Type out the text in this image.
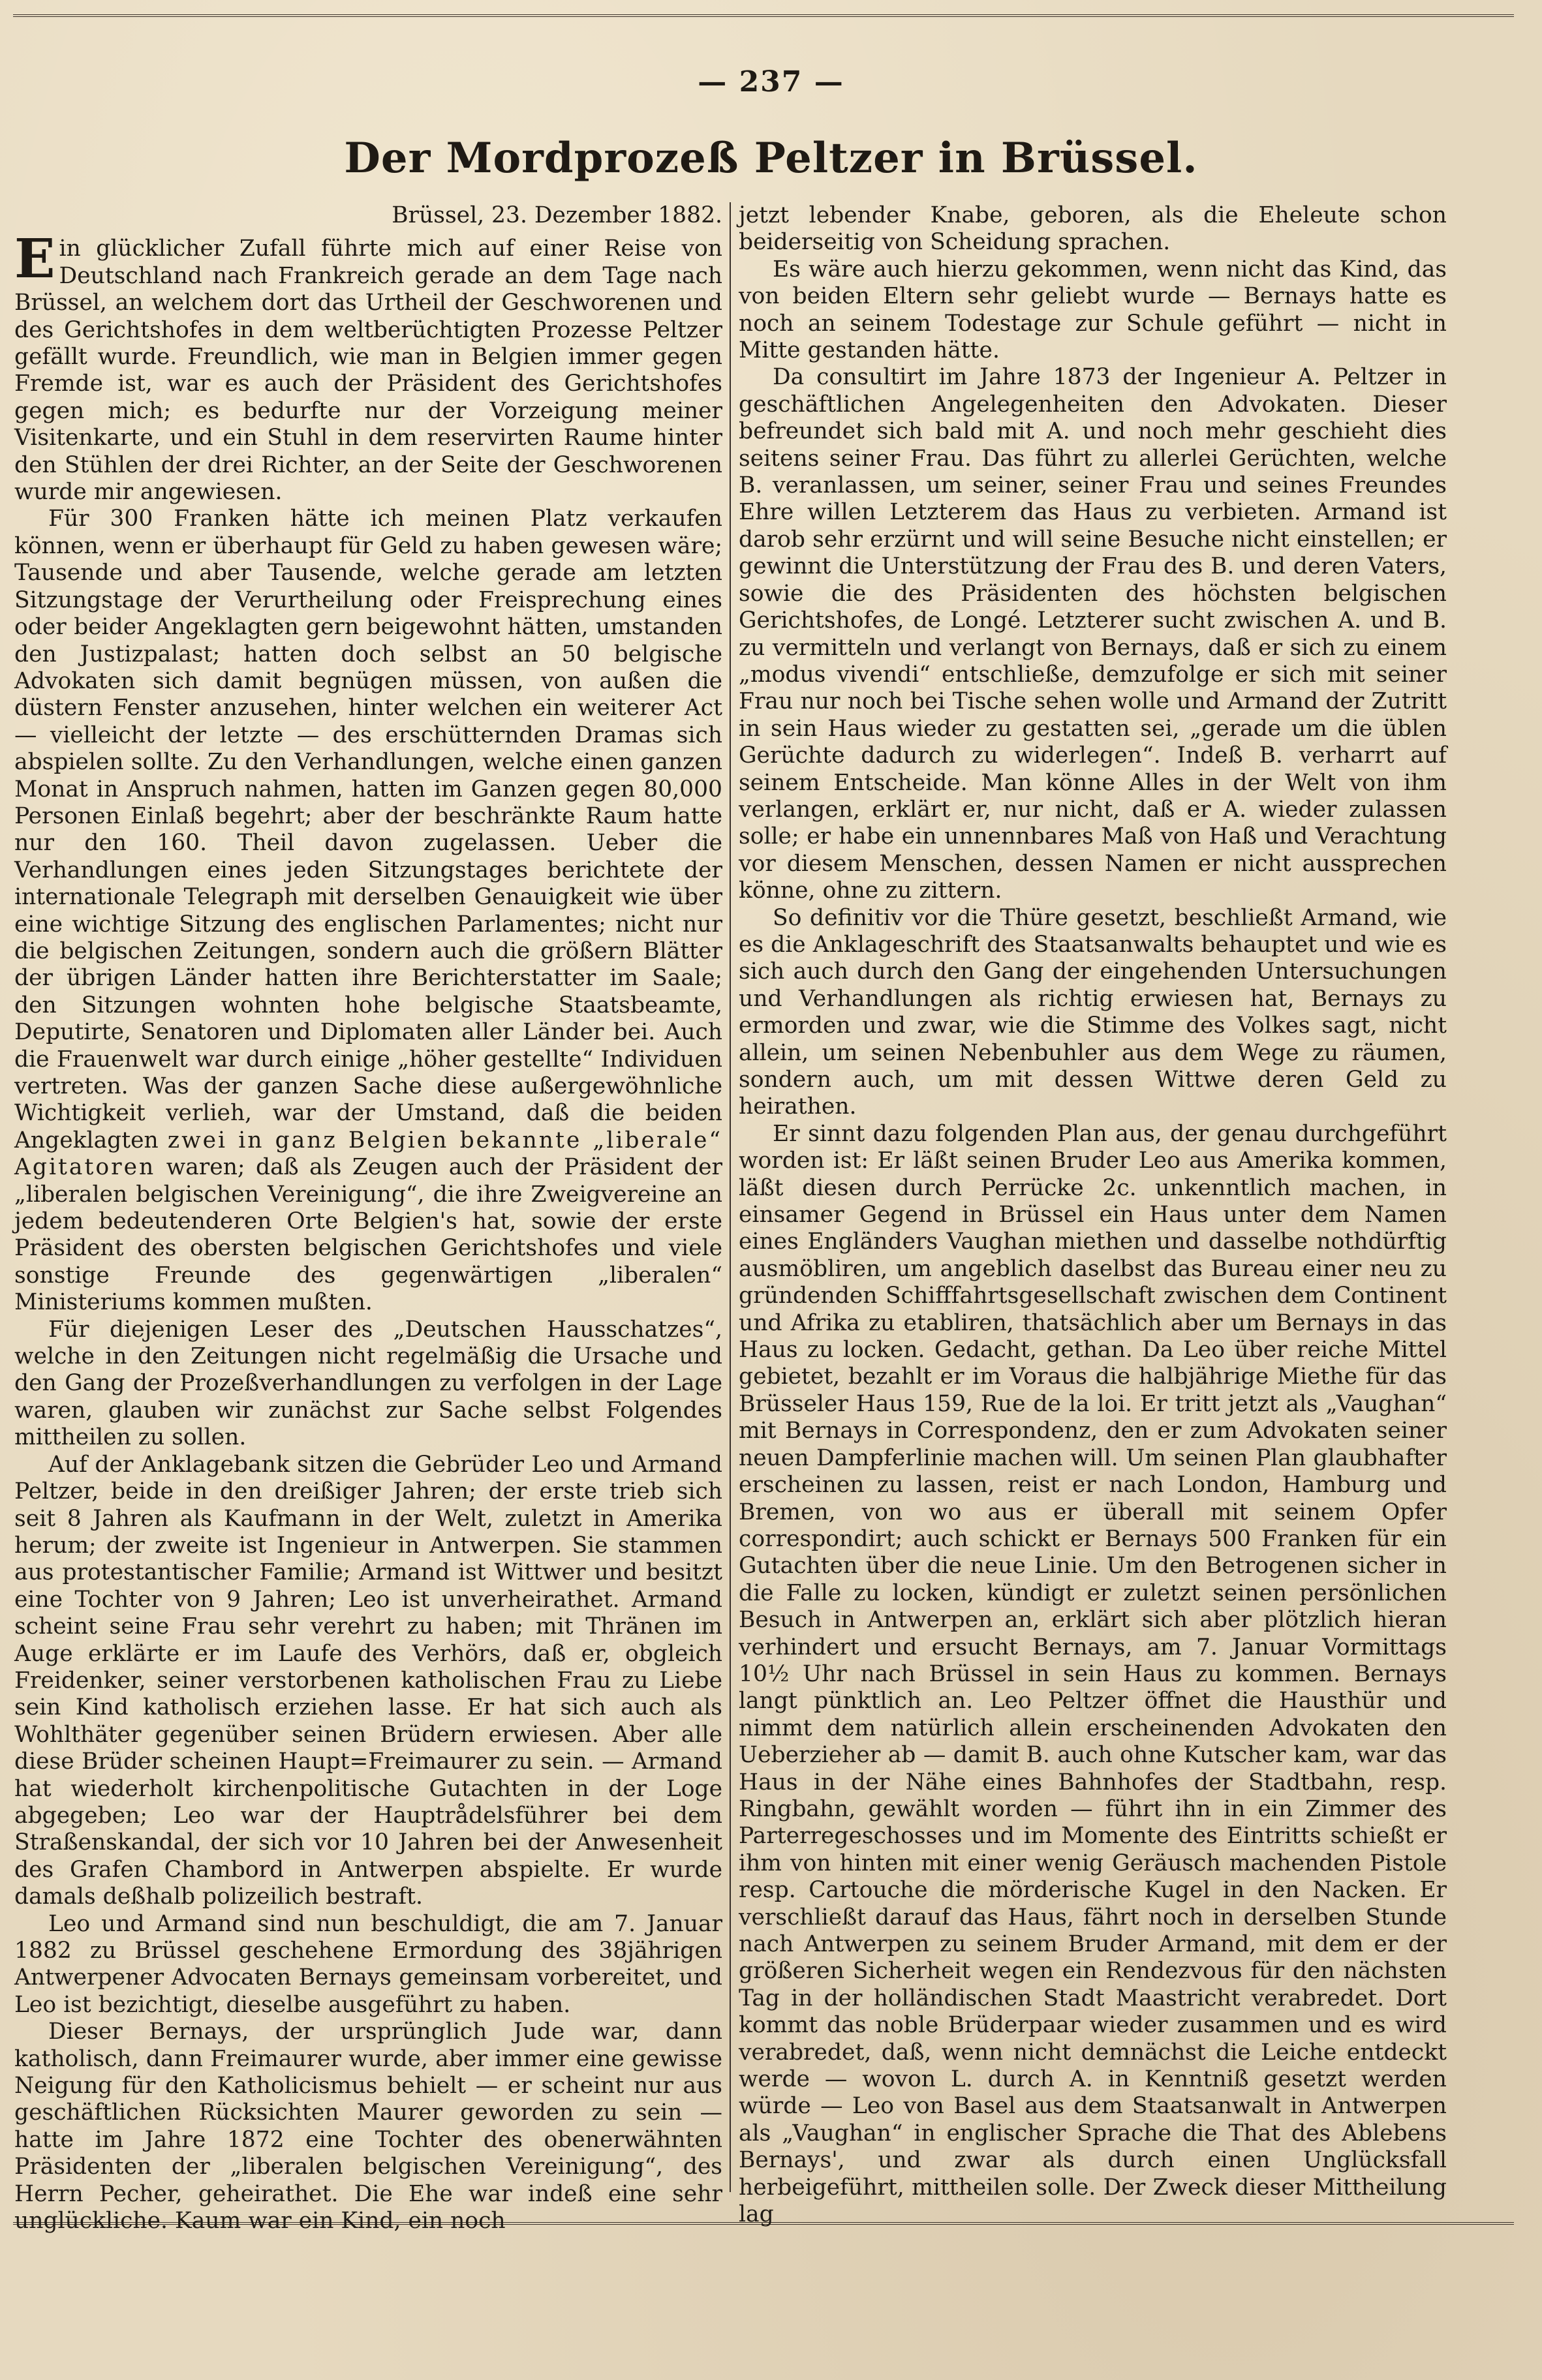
— 237 —
Der Mordprozeß Peltzer in Brüssel.
Brüssel, 23. Dezember 1882.

Ein glücklicher Zufall führte mich auf einer Reise von Deutschland nach Frankreich gerade an dem Tage nach Brüssel, an welchem dort das Urtheil der Geschworenen und des Gerichtshofes in dem weltberüchtigten Prozesse Peltzer gefällt wurde. Freundlich, wie man in Belgien immer gegen Fremde ist, war es auch der Präsident des Gerichtshofes gegen mich; es bedurfte nur der Vorzeigung meiner Visitenkarte, und ein Stuhl in dem reservirten Raume hinter den Stühlen der drei Richter, an der Seite der Geschworenen wurde mir angewiesen.

Für 300 Franken hätte ich meinen Platz verkaufen können, wenn er überhaupt für Geld zu haben gewesen wäre; Tausende und aber Tausende, welche gerade am letzten Sitzungstage der Verurtheilung oder Freisprechung eines oder beider Angeklagten gern beigewohnt hätten, umstanden den Justizpalast; hatten doch selbst an 50 belgische Advokaten sich damit begnügen müssen, von außen die düstern Fenster anzusehen, hinter welchen ein weiterer Act — vielleicht der letzte — des erschütternden Dramas sich abspielen sollte. Zu den Verhandlungen, welche einen ganzen Monat in Anspruch nahmen, hatten im Ganzen gegen 80,000 Personen Einlaß begehrt; aber der beschränkte Raum hatte nur den 160. Theil davon zugelassen. Ueber die Verhandlungen eines jeden Sitzungstages berichtete der internationale Telegraph mit derselben Genauigkeit wie über eine wichtige Sitzung des englischen Parlamentes; nicht nur die belgischen Zeitungen, sondern auch die größern Blätter der übrigen Länder hatten ihre Berichterstatter im Saale; den Sitzungen wohnten hohe belgische Staatsbeamte, Deputirte, Senatoren und Diplomaten aller Länder bei. Auch die Frauenwelt war durch einige „höher gestellte“ Individuen vertreten. Was der ganzen Sache diese außergewöhnliche Wichtigkeit verlieh, war der Umstand, daß die beiden Angeklagten zwei in ganz Belgien bekannte „liberale“ Agitatoren waren; daß als Zeugen auch der Präsident der „liberalen belgischen Vereinigung“, die ihre Zweigvereine an jedem bedeutenderen Orte Belgien's hat, sowie der erste Präsident des obersten belgischen Gerichtshofes und viele sonstige Freunde des gegenwärtigen „liberalen“ Ministeriums kommen mußten.

Für diejenigen Leser des „Deutschen Hausschatzes“, welche in den Zeitungen nicht regelmäßig die Ursache und den Gang der Prozeßverhandlungen zu verfolgen in der Lage waren, glauben wir zunächst zur Sache selbst Folgendes mittheilen zu sollen.

Auf der Anklagebank sitzen die Gebrüder Leo und Armand Peltzer, beide in den dreißiger Jahren; der erste trieb sich seit 8 Jahren als Kaufmann in der Welt, zuletzt in Amerika herum; der zweite ist Ingenieur in Antwerpen. Sie stammen aus protestantischer Familie; Armand ist Wittwer und besitzt eine Tochter von 9 Jahren; Leo ist unverheirathet. Armand scheint seine Frau sehr verehrt zu haben; mit Thränen im Auge erklärte er im Laufe des Verhörs, daß er, obgleich Freidenker, seiner verstorbenen katholischen Frau zu Liebe sein Kind katholisch erziehen lasse. Er hat sich auch als Wohlthäter gegenüber seinen Brüdern erwiesen. Aber alle diese Brüder scheinen Haupt=Freimaurer zu sein. — Armand hat wiederholt kirchenpolitische Gutachten in der Loge abgegeben; Leo war der Hauptrådelsführer bei dem Straßenskandal, der sich vor 10 Jahren bei der Anwesenheit des Grafen Chambord in Antwerpen abspielte. Er wurde damals deßhalb polizeilich bestraft.

Leo und Armand sind nun beschuldigt, die am 7. Januar 1882 zu Brüssel geschehene Ermordung des 38jährigen Antwerpener Advocaten Bernays gemeinsam vorbereitet, und Leo ist bezichtigt, dieselbe ausgeführt zu haben.

Dieser Bernays, der ursprünglich Jude war, dann katholisch, dann Freimaurer wurde, aber immer eine gewisse Neigung für den Katholicismus behielt — er scheint nur aus geschäftlichen Rücksichten Maurer geworden zu sein — hatte im Jahre 1872 eine Tochter des obenerwähnten Präsidenten der „liberalen belgischen Vereinigung“, des Herrn Pecher, geheirathet. Die Ehe war indeß eine sehr unglückliche. Kaum war ein Kind, ein noch

jetzt lebender Knabe, geboren, als die Eheleute schon beiderseitig von Scheidung sprachen.

Es wäre auch hierzu gekommen, wenn nicht das Kind, das von beiden Eltern sehr geliebt wurde — Bernays hatte es noch an seinem Todestage zur Schule geführt — nicht in Mitte gestanden hätte.

Da consultirt im Jahre 1873 der Ingenieur A. Peltzer in geschäftlichen Angelegenheiten den Advokaten. Dieser befreundet sich bald mit A. und noch mehr geschieht dies seitens seiner Frau. Das führt zu allerlei Gerüchten, welche B. veranlassen, um seiner, seiner Frau und seines Freundes Ehre willen Letzterem das Haus zu verbieten. Armand ist darob sehr erzürnt und will seine Besuche nicht einstellen; er gewinnt die Unterstützung der Frau des B. und deren Vaters, sowie die des Präsidenten des höchsten belgischen Gerichtshofes, de Longé. Letzterer sucht zwischen A. und B. zu vermitteln und verlangt von Bernays, daß er sich zu einem „modus vivendi“ entschließe, demzufolge er sich mit seiner Frau nur noch bei Tische sehen wolle und Armand der Zutritt in sein Haus wieder zu gestatten sei, „gerade um die üblen Gerüchte dadurch zu widerlegen“. Indeß B. verharrt auf seinem Entscheide. Man könne Alles in der Welt von ihm verlangen, erklärt er, nur nicht, daß er A. wieder zulassen solle; er habe ein unnennbares Maß von Haß und Verachtung vor diesem Menschen, dessen Namen er nicht aussprechen könne, ohne zu zittern.

So definitiv vor die Thüre gesetzt, beschließt Armand, wie es die Anklageschrift des Staatsanwalts behauptet und wie es sich auch durch den Gang der eingehenden Untersuchungen und Verhandlungen als richtig erwiesen hat, Bernays zu ermorden und zwar, wie die Stimme des Volkes sagt, nicht allein, um seinen Nebenbuhler aus dem Wege zu räumen, sondern auch, um mit dessen Wittwe deren Geld zu heirathen.

Er sinnt dazu folgenden Plan aus, der genau durchgeführt worden ist: Er läßt seinen Bruder Leo aus Amerika kommen, läßt diesen durch Perrücke 2c. unkenntlich machen, in einsamer Gegend in Brüssel ein Haus unter dem Namen eines Engländers Vaughan miethen und dasselbe nothdürftig ausmöbliren, um angeblich daselbst das Bureau einer neu zu gründenden Schifffahrtsgesellschaft zwischen dem Continent und Afrika zu etabliren, thatsächlich aber um Bernays in das Haus zu locken. Gedacht, gethan. Da Leo über reiche Mittel gebietet, bezahlt er im Voraus die halbjährige Miethe für das Brüsseler Haus 159, Rue de la loi. Er tritt jetzt als „Vaughan“ mit Bernays in Correspondenz, den er zum Advokaten seiner neuen Dampferlinie machen will. Um seinen Plan glaubhafter erscheinen zu lassen, reist er nach London, Hamburg und Bremen, von wo aus er überall mit seinem Opfer correspondirt; auch schickt er Bernays 500 Franken für ein Gutachten über die neue Linie. Um den Betrogenen sicher in die Falle zu locken, kündigt er zuletzt seinen persönlichen Besuch in Antwerpen an, erklärt sich aber plötzlich hieran verhindert und ersucht Bernays, am 7. Januar Vormittags 10½ Uhr nach Brüssel in sein Haus zu kommen. Bernays langt pünktlich an. Leo Peltzer öffnet die Hausthür und nimmt dem natürlich allein erscheinenden Advokaten den Ueberzieher ab — damit B. auch ohne Kutscher kam, war das Haus in der Nähe eines Bahnhofes der Stadtbahn, resp. Ringbahn, gewählt worden — führt ihn in ein Zimmer des Parterregeschosses und im Momente des Eintritts schießt er ihm von hinten mit einer wenig Geräusch machenden Pistole resp. Cartouche die mörderische Kugel in den Nacken. Er verschließt darauf das Haus, fährt noch in derselben Stunde nach Antwerpen zu seinem Bruder Armand, mit dem er der größeren Sicherheit wegen ein Rendezvous für den nächsten Tag in der holländischen Stadt Maastricht verabredet. Dort kommt das noble Brüderpaar wieder zusammen und es wird verabredet, daß, wenn nicht demnächst die Leiche entdeckt werde — wovon L. durch A. in Kenntniß gesetzt werden würde — Leo von Basel aus dem Staatsanwalt in Antwerpen als „Vaughan“ in englischer Sprache die That des Ablebens Bernays', und zwar als durch einen Unglücksfall herbeigeführt, mittheilen solle. Der Zweck dieser Mittheilung lag
